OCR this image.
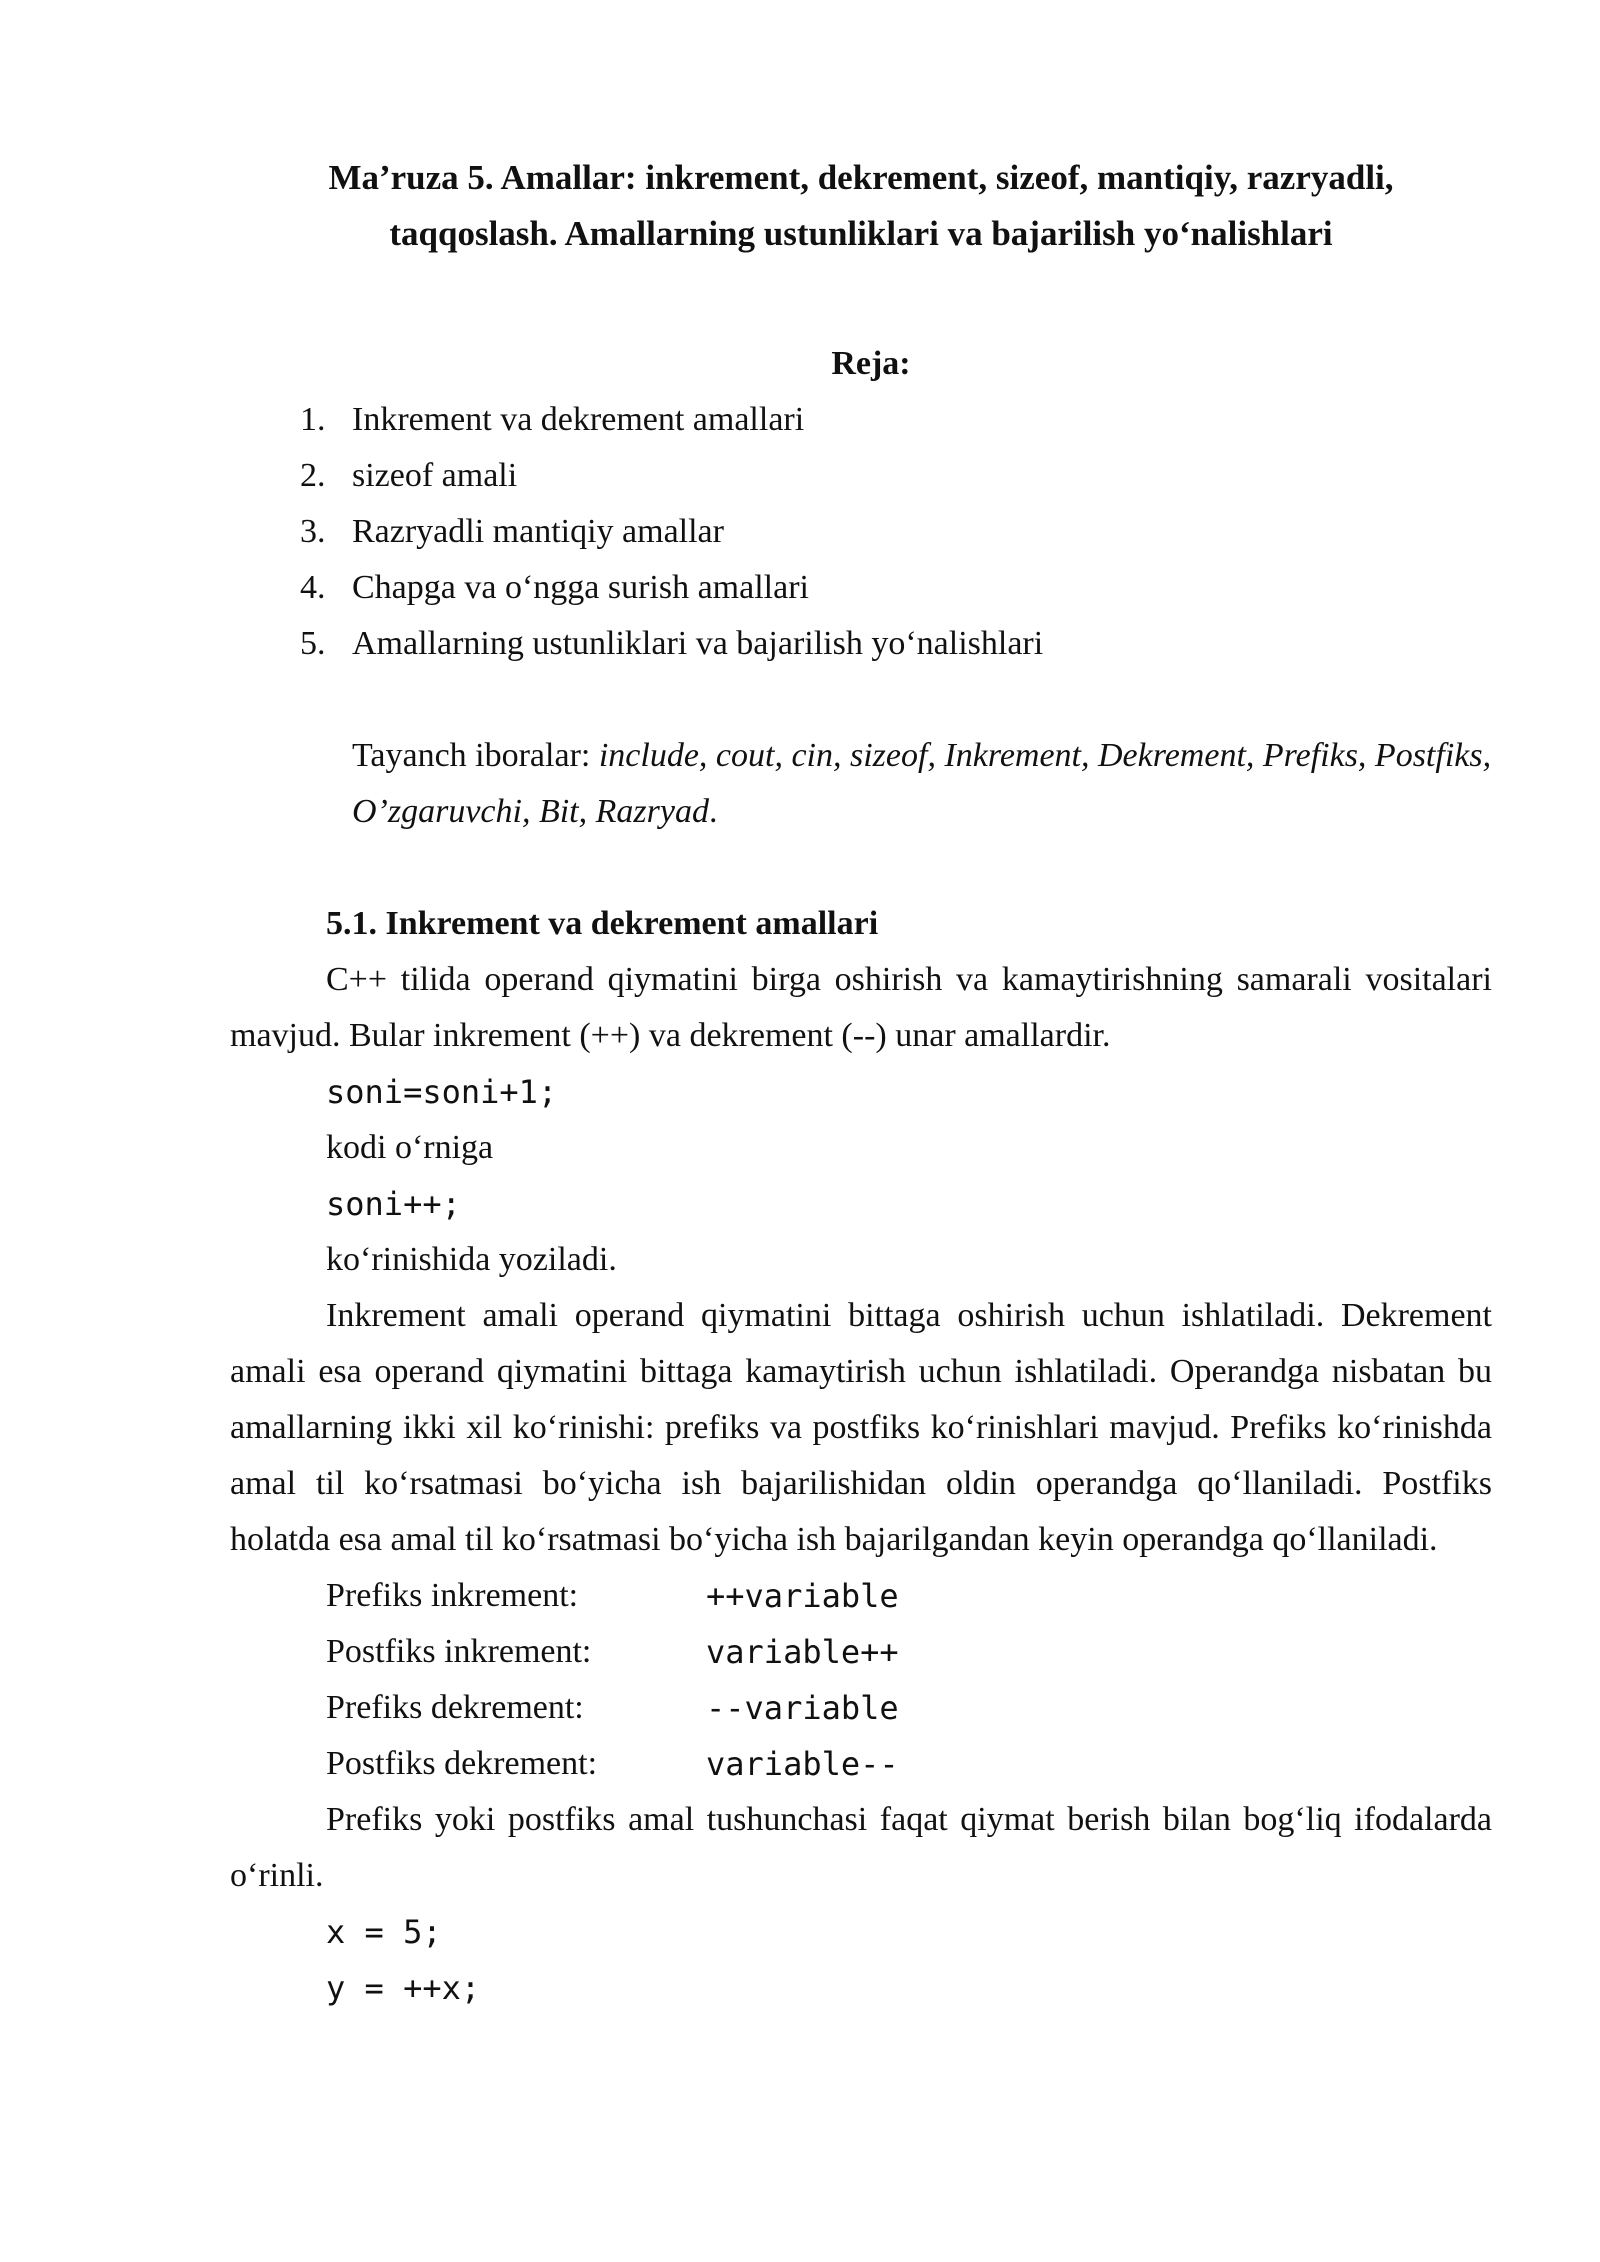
Ma’ruza 5. Amallar: inkrement, dekrement, sizeof, mantiqiy, razryadli,
taqqoslash. Amallarning ustunliklari va bajarilish yo‘nalishlari
Reja:
1. Inkrement va dekrement amallari
2. sizeof amali
3. Razryadli mantiqiy amallar
4. Chapga va o‘ngga surish amallari
5. Amallarning ustunliklari va bajarilish yo‘nalishlari
Tayanch iboralar: include, cout, cin, sizeof, Inkrement, Dekrement, Prefiks, Postfiks, O’zgaruvchi, Bit, Razryad.
5.1. Inkrement va dekrement amallari

C++ tilida operand qiymatini birga oshirish va kamaytirishning samarali vositalari mavjud. Bular inkrement (++) va dekrement (--) unar amallardir.

soni=soni+1;
kodi o‘rniga
soni++;
ko‘rinishida yoziladi.

Inkrement amali operand qiymatini bittaga oshirish uchun ishlatiladi. Dekrement amali esa operand qiymatini bittaga kamaytirish uchun ishlatiladi. Operandga nisbatan bu amallarning ikki xil ko‘rinishi: prefiks va postfiks ko‘rinishlari mavjud. Prefiks ko‘rinishda amal til ko‘rsatmasi bo‘yicha ish bajarilishidan oldin operandga qo‘llaniladi. Postfiks holatda esa amal til ko‘rsatmasi bo‘yicha ish bajarilgandan keyin operandga qo‘llaniladi.

Prefiks inkrement:	++variable
Postfiks inkrement:	variable++
Prefiks dekrement:	--variable
Postfiks dekrement:	variable--

Prefiks yoki postfiks amal tushunchasi faqat qiymat berish bilan bog‘liq ifodalarda o‘rinli.

x = 5;
y = ++x;
